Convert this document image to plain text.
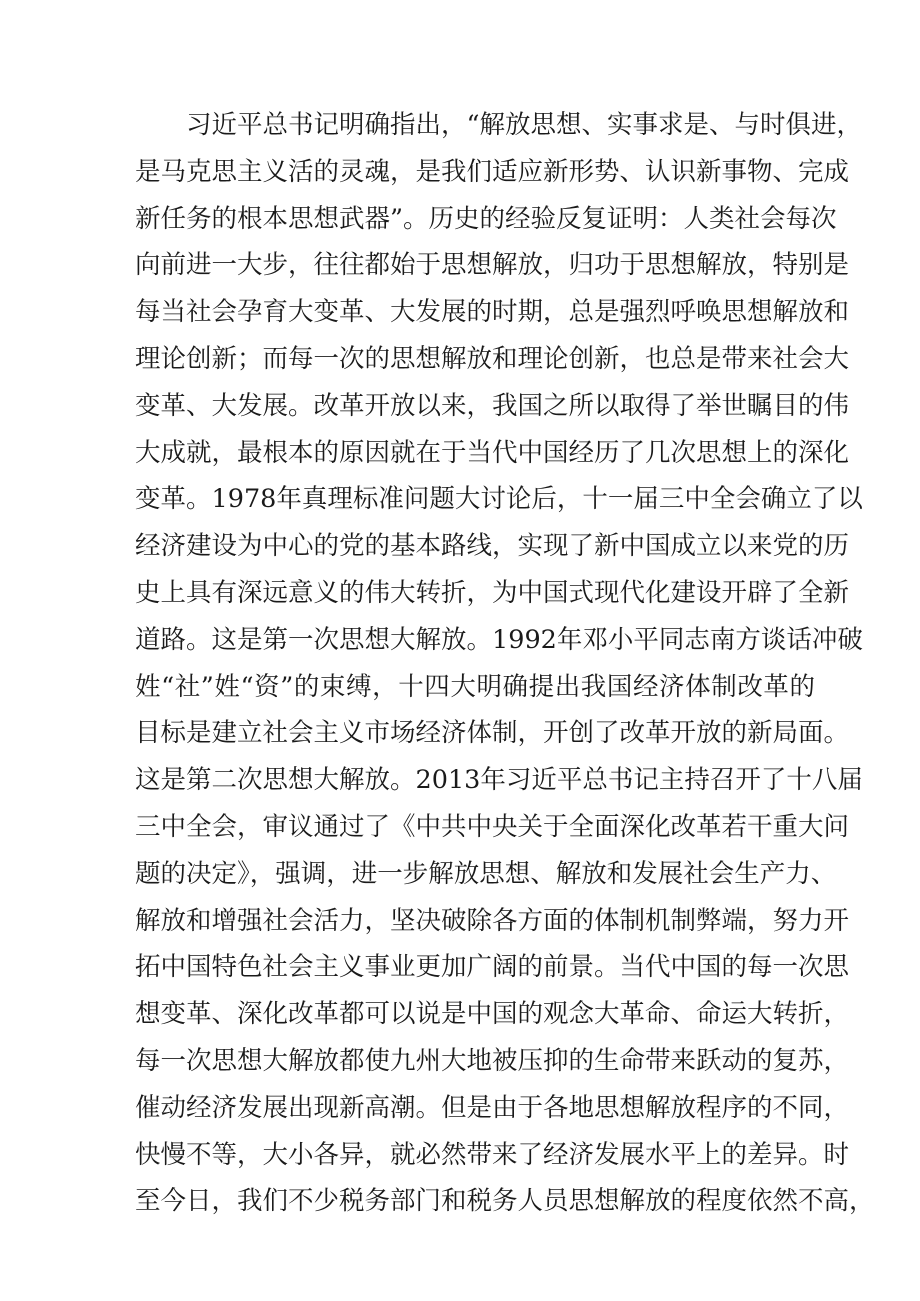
习近平总书记明确指出，“解放思想、实事求是、与时俱进，
是马克思主义活的灵魂，是我们适应新形势、认识新事物、完成
新任务的根本思想武器”。历史的经验反复证明：人类社会每次
向前进一大步，往往都始于思想解放，归功于思想解放，特别是
每当社会孕育大变革、大发展的时期，总是强烈呼唤思想解放和
理论创新；而每一次的思想解放和理论创新，也总是带来社会大
变革、大发展。改革开放以来，我国之所以取得了举世瞩目的伟
大成就，最根本的原因就在于当代中国经历了几次思想上的深化
变革。1978年真理标准问题大讨论后，十一届三中全会确立了以
经济建设为中心的党的基本路线，实现了新中国成立以来党的历
史上具有深远意义的伟大转折，为中国式现代化建设开辟了全新
道路。这是第一次思想大解放。1992年邓小平同志南方谈话冲破
姓“社”姓“资”的束缚，十四大明确提出我国经济体制改革的
目标是建立社会主义市场经济体制，开创了改革开放的新局面。
这是第二次思想大解放。2013年习近平总书记主持召开了十八届
三中全会，审议通过了《中共中央关于全面深化改革若干重大问
题的决定》，强调，进一步解放思想、解放和发展社会生产力、
解放和增强社会活力，坚决破除各方面的体制机制弊端，努力开
拓中国特色社会主义事业更加广阔的前景。当代中国的每一次思
想变革、深化改革都可以说是中国的观念大革命、命运大转折，
每一次思想大解放都使九州大地被压抑的生命带来跃动的复苏，
催动经济发展出现新高潮。但是由于各地思想解放程序的不同，
快慢不等，大小各异，就必然带来了经济发展水平上的差异。时
至今日，我们不少税务部门和税务人员思想解放的程度依然不高，
